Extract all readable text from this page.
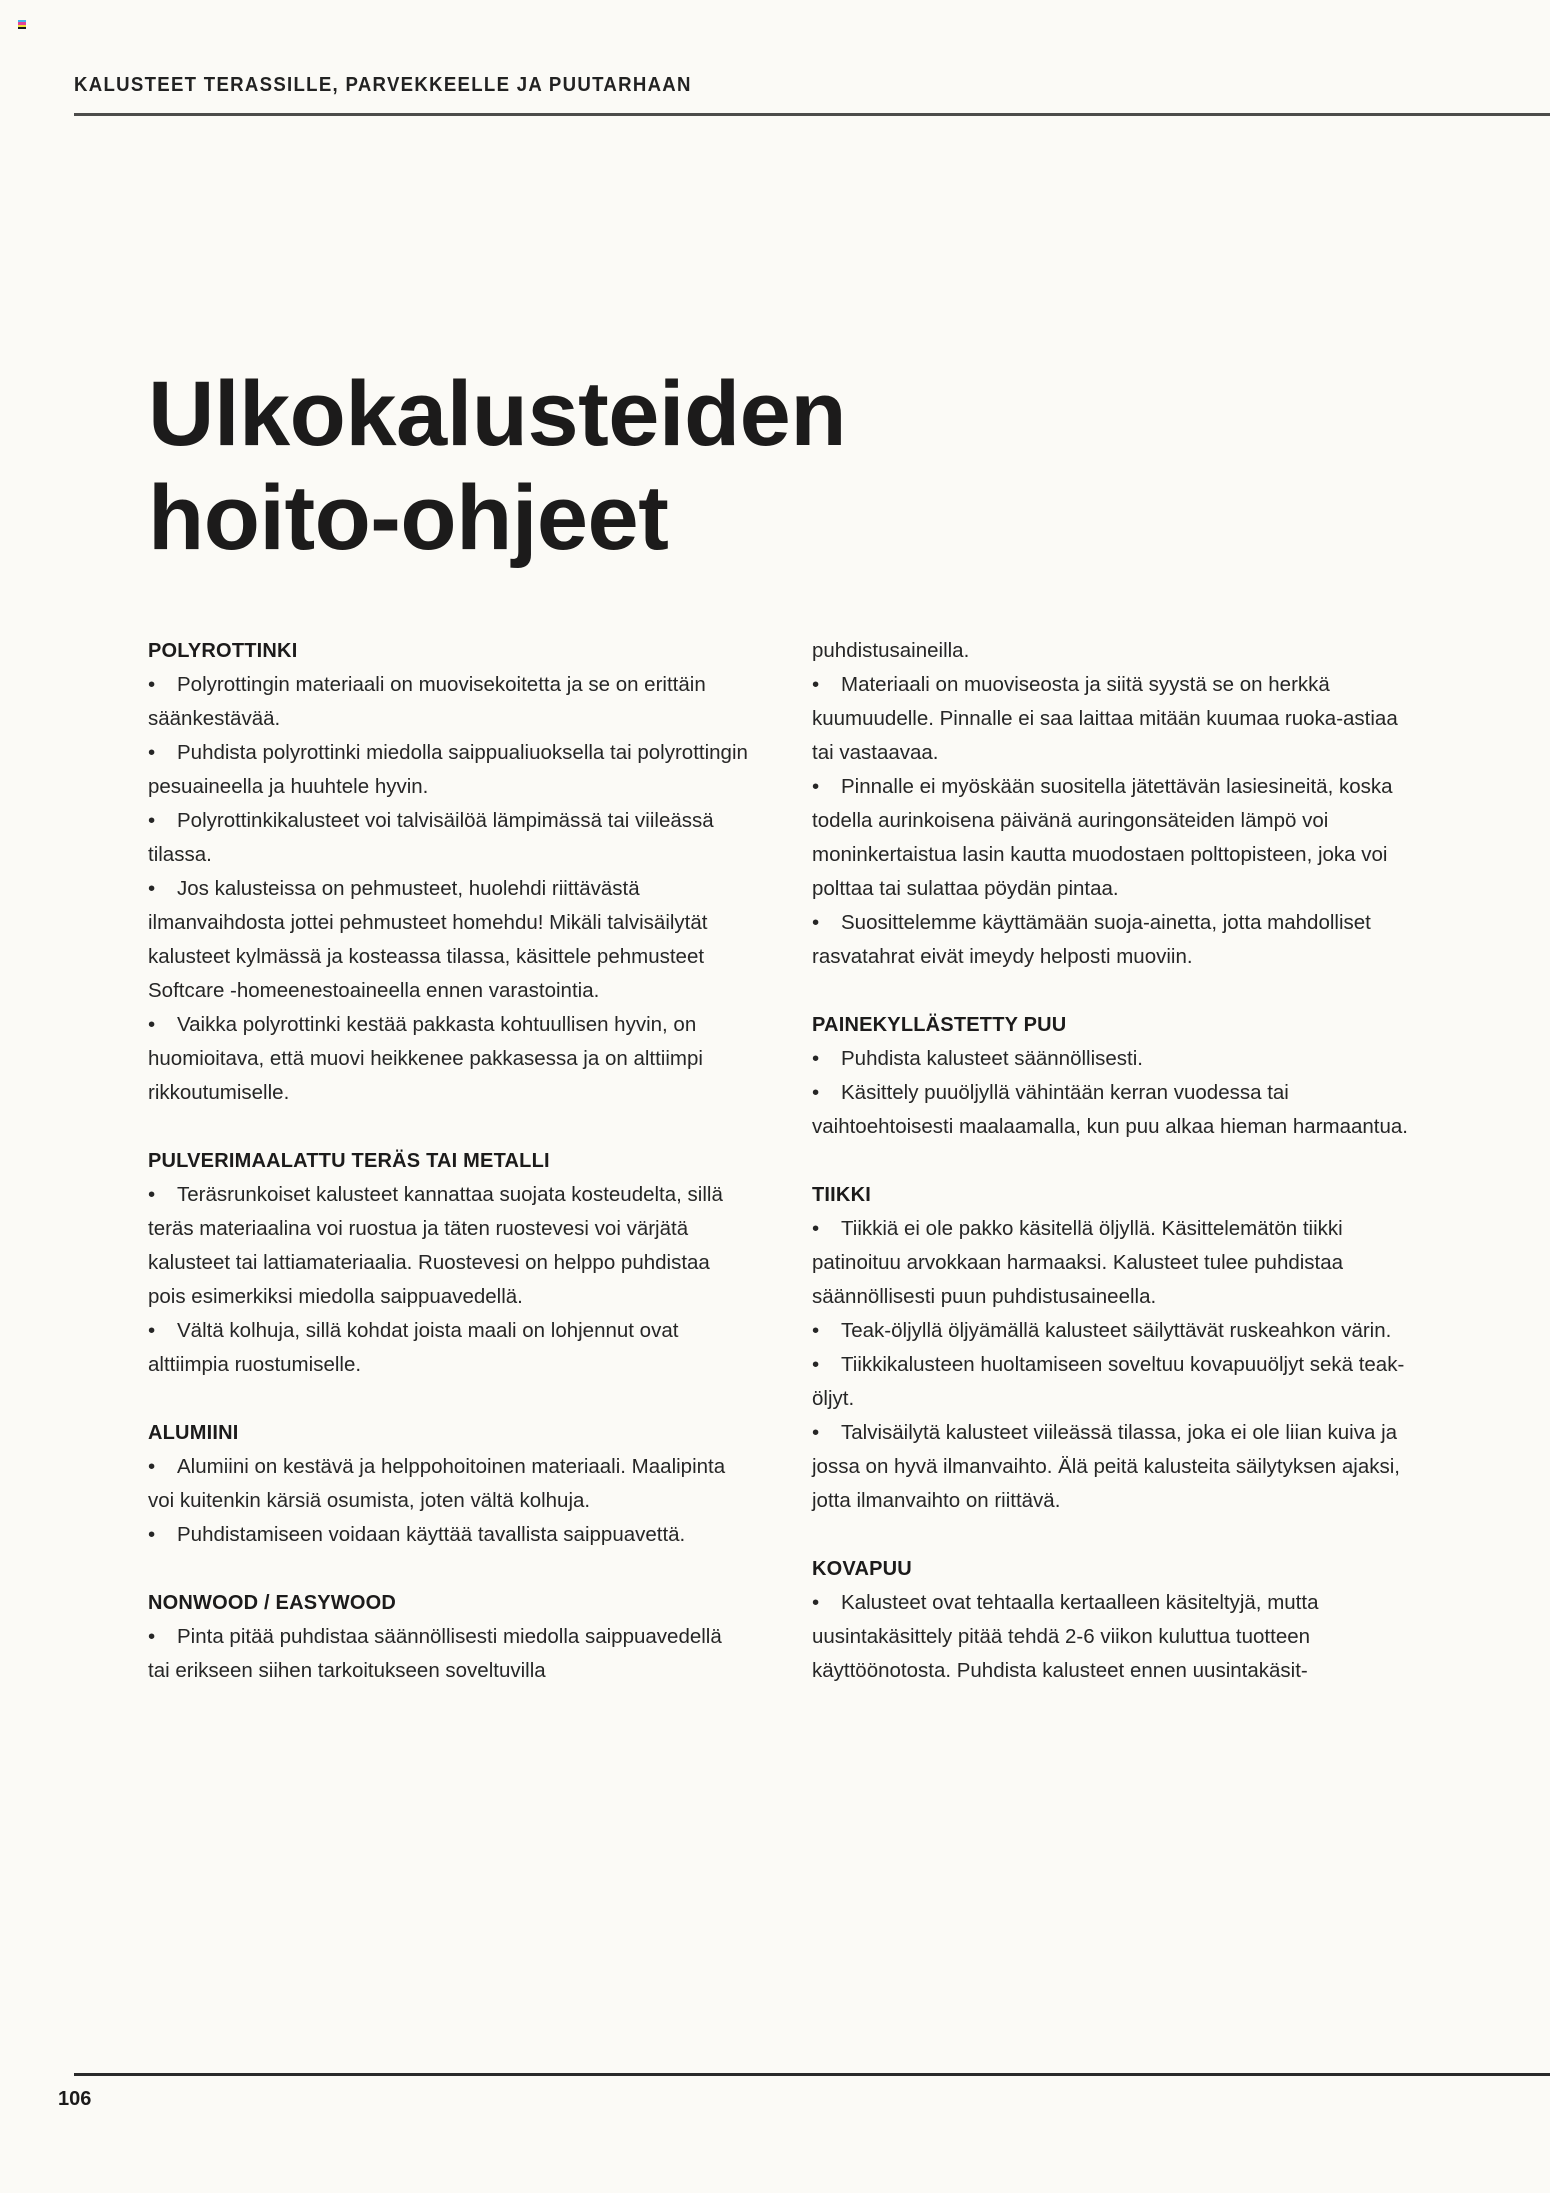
KALUSTEET TERASSILLE, PARVEKKEELLE JA PUUTARHAAN
Ulkokalusteiden
hoito-ohjeet
POLYROTTINKI

• Polyrottingin materiaali on muovisekoitetta ja se on erittäin säänkestävää.

• Puhdista polyrottinki miedolla saippualiuoksella tai polyrottingin pesuaineella ja huuhtele hyvin.

• Polyrottinkikalusteet voi talvisäilöä lämpimässä tai viileässä tilassa.

• Jos kalusteissa on pehmusteet, huolehdi riittävästä ilmanvaihdosta jottei pehmusteet homehdu! Mikäli talvisäilytät kalusteet kylmässä ja kosteassa tilassa, käsittele pehmusteet Softcare -homeenestoaineella ennen varastointia.

• Vaikka polyrottinki kestää pakkasta kohtuullisen hyvin, on huomioitava, että muovi heikkenee pakkasessa ja on alttiimpi rikkoutumiselle.

PULVERIMAALATTU TERÄS TAI METALLI

• Teräsrunkoiset kalusteet kannattaa suojata kosteudelta, sillä teräs materiaalina voi ruostua ja täten ruostevesi voi värjätä kalusteet tai lattiamateriaalia. Ruostevesi on helppo puhdistaa pois esimerkiksi miedolla saippuavedellä.

• Vältä kolhuja, sillä kohdat joista maali on lohjennut ovat alttiimpia ruostumiselle.

ALUMIINI

• Alumiini on kestävä ja helppohoitoinen materiaali. Maalipinta voi kuitenkin kärsiä osumista, joten vältä kolhuja.

• Puhdistamiseen voidaan käyttää tavallista saippuavettä.

NONWOOD / EASYWOOD

• Pinta pitää puhdistaa säännöllisesti miedolla saippuavedellä tai erikseen siihen tarkoitukseen soveltuvilla

puhdistusaineilla.

• Materiaali on muoviseosta ja siitä syystä se on herkkä kuumuudelle. Pinnalle ei saa laittaa mitään kuumaa ruoka-astiaa tai vastaavaa.

• Pinnalle ei myöskään suositella jätettävän lasiesineitä, koska todella aurinkoisena päivänä auringonsäteiden lämpö voi moninkertaistua lasin kautta muodostaen polttopisteen, joka voi polttaa tai sulattaa pöydän pintaa.

• Suosittelemme käyttämään suoja-ainetta, jotta mahdolliset rasvatahrat eivät imeydy helposti muoviin.

PAINEKYLLÄSTETTY PUU

• Puhdista kalusteet säännöllisesti.

• Käsittely puuöljyllä vähintään kerran vuodessa tai vaihtoehtoisesti maalaamalla, kun puu alkaa hieman harmaantua.

TIIKKI

• Tiikkiä ei ole pakko käsitellä öljyllä. Käsittelemätön tiikki patinoituu arvokkaan harmaaksi. Kalusteet tulee puhdistaa säännöllisesti puun puhdistusaineella.

• Teak-öljyllä öljyämällä kalusteet säilyttävät ruskeahkon värin.

• Tiikkikalusteen huoltamiseen soveltuu kovapuuöljyt sekä teak-öljyt.

• Talvisäilytä kalusteet viileässä tilassa, joka ei ole liian kuiva ja jossa on hyvä ilmanvaihto. Älä peitä kalusteita säilytyksen ajaksi, jotta ilmanvaihto on riittävä.

KOVAPUU

• Kalusteet ovat tehtaalla kertaalleen käsiteltyjä, mutta uusintakäsittely pitää tehdä 2-6 viikon kuluttua tuotteen käyttöönotosta. Puhdista kalusteet ennen uusintakäsit-

106
